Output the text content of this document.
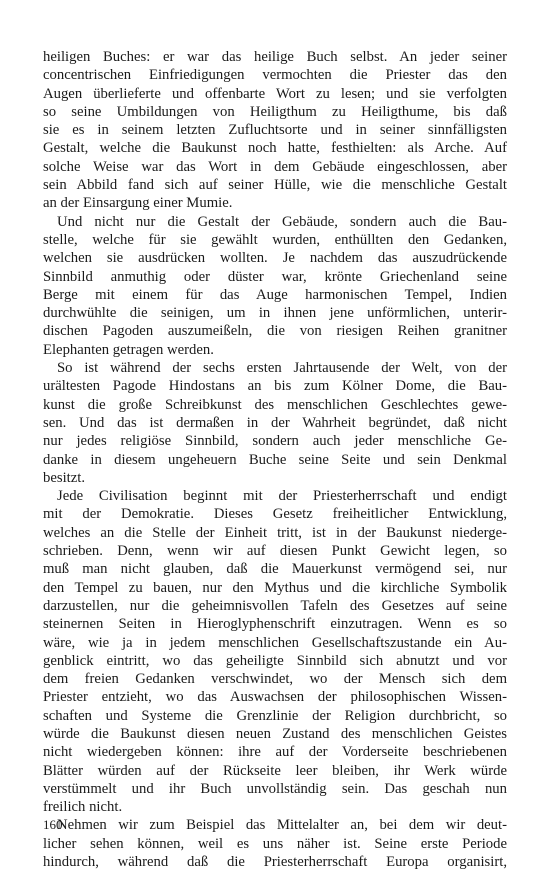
heiligen Buches: er war das heilige Buch selbst. An jeder seiner
concentrischen Einfriedigungen vermochten die Priester das den
Augen überlieferte und offenbarte Wort zu lesen; und sie verfolgten
so seine Umbildungen von Heiligthum zu Heiligthume, bis daß
sie es in seinem letzten Zufluchtsorte und in seiner sinnfälligsten
Gestalt, welche die Baukunst noch hatte, festhielten: als Arche. Auf
solche Weise war das Wort in dem Gebäude eingeschlossen, aber
sein Abbild fand sich auf seiner Hülle, wie die menschliche Gestalt
an der Einsargung einer Mumie.
Und nicht nur die Gestalt der Gebäude, sondern auch die Bau-
stelle, welche für sie gewählt wurden, enthüllten den Gedanken,
welchen sie ausdrücken wollten. Je nachdem das auszudrückende
Sinnbild anmuthig oder düster war, krönte Griechenland seine
Berge mit einem für das Auge harmonischen Tempel, Indien
durchwühlte die seinigen, um in ihnen jene unförmlichen, unterir-
dischen Pagoden auszumeißeln, die von riesigen Reihen granitner
Elephanten getragen werden.
So ist während der sechs ersten Jahrtausende der Welt, von der
urältesten Pagode Hindostans an bis zum Kölner Dome, die Bau-
kunst die große Schreibkunst des menschlichen Geschlechtes gewe-
sen. Und das ist dermaßen in der Wahrheit begründet, daß nicht
nur jedes religiöse Sinnbild, sondern auch jeder menschliche Ge-
danke in diesem ungeheuern Buche seine Seite und sein Denkmal
besitzt.
Jede Civilisation beginnt mit der Priesterherrschaft und endigt
mit der Demokratie. Dieses Gesetz freiheitlicher Entwicklung,
welches an die Stelle der Einheit tritt, ist in der Baukunst niederge-
schrieben. Denn, wenn wir auf diesen Punkt Gewicht legen, so
muß man nicht glauben, daß die Mauerkunst vermögend sei, nur
den Tempel zu bauen, nur den Mythus und die kirchliche Symbolik
darzustellen, nur die geheimnisvollen Tafeln des Gesetzes auf seine
steinernen Seiten in Hieroglyphenschrift einzutragen. Wenn es so
wäre, wie ja in jedem menschlichen Gesellschaftszustande ein Au-
genblick eintritt, wo das geheiligte Sinnbild sich abnutzt und vor
dem freien Gedanken verschwindet, wo der Mensch sich dem
Priester entzieht, wo das Auswachsen der philosophischen Wissen-
schaften und Systeme die Grenzlinie der Religion durchbricht, so
würde die Baukunst diesen neuen Zustand des menschlichen Geistes
nicht wiedergeben können: ihre auf der Vorderseite beschriebenen
Blätter würden auf der Rückseite leer bleiben, ihr Werk würde
verstümmelt und ihr Buch unvollständig sein. Das geschah nun
freilich nicht.
Nehmen wir zum Beispiel das Mittelalter an, bei dem wir deut-
licher sehen können, weil es uns näher ist. Seine erste Periode
hindurch, während daß die Priesterherrschaft Europa organisirt,
160
